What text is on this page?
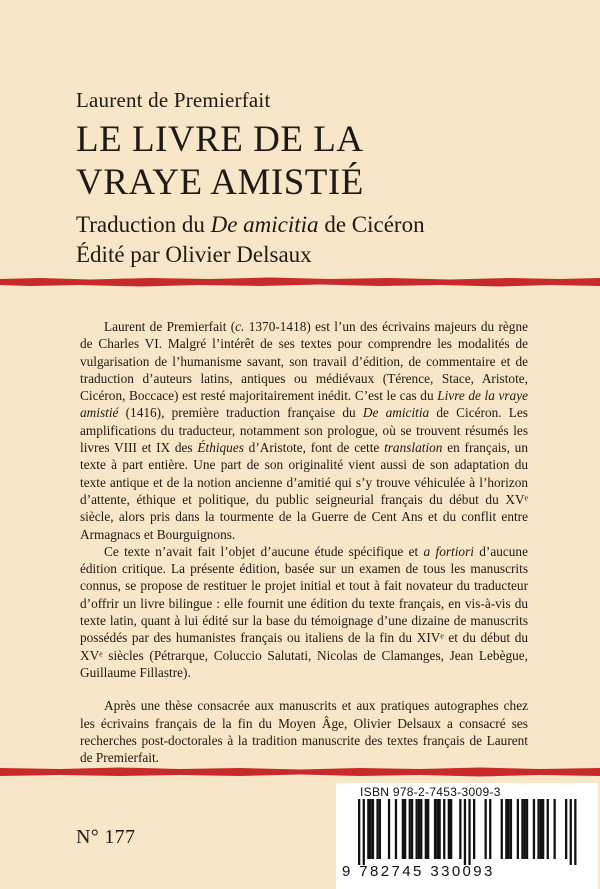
Laurent de Premierfait
LE LIVRE DE LA
VRAYE AMISTIÉ
Traduction du De amicitia de Cicéron
Édité par Olivier Delsaux

Laurent de Premierfait (c. 1370-1418) est l’un des écrivains majeurs du règne de Charles VI. Malgré l’intérêt de ses textes pour comprendre les modalités de vulgarisation de l’humanisme savant, son travail d’édition, de commentaire et de traduction d’auteurs latins, antiques ou médiévaux (Térence, Stace, Aristote, Cicéron, Boccace) est resté majoritairement inédit. C’est le cas du Livre de la vraye amistié (1416), première traduction française du De amicitia de Cicéron. Les amplifications du traducteur, notamment son prologue, où se trouvent résumés les livres VIII et IX des Éthiques d’Aristote, font de cette translation en français, un texte à part entière. Une part de son originalité vient aussi de son adaptation du texte antique et de la notion ancienne d’amitié qui s’y trouve véhiculée à l’horizon d’attente, éthique et politique, du public seigneurial français du début du XVᵉ siècle, alors pris dans la tourmente de la Guerre de Cent Ans et du conflit entre Armagnacs et Bourguignons.

Ce texte n’avait fait l’objet d’aucune étude spécifique et a fortiori d’aucune édition critique. La présente édition, basée sur un examen de tous les manuscrits connus, se propose de restituer le projet initial et tout à fait novateur du traducteur d’offrir un livre bilingue : elle fournit une édition du texte français, en vis-à-vis du texte latin, quant à lui édité sur la base du témoignage d’une dizaine de manuscrits possédés par des humanistes français ou italiens de la fin du XIVᵉ et du début du XVᵉ siècles (Pétrarque, Coluccio Salutati, Nicolas de Clamanges, Jean Lebègue, Guillaume Fillastre).

Après une thèse consacrée aux manuscrits et aux pratiques autographes chez les écrivains français de la fin du Moyen Âge, Olivier Delsaux a consacré ses recherches post-doctorales à la tradition manuscrite des textes français de Laurent de Premierfait.

N° 177
ISBN 978-2-7453-3009-3
9 782745 330093
